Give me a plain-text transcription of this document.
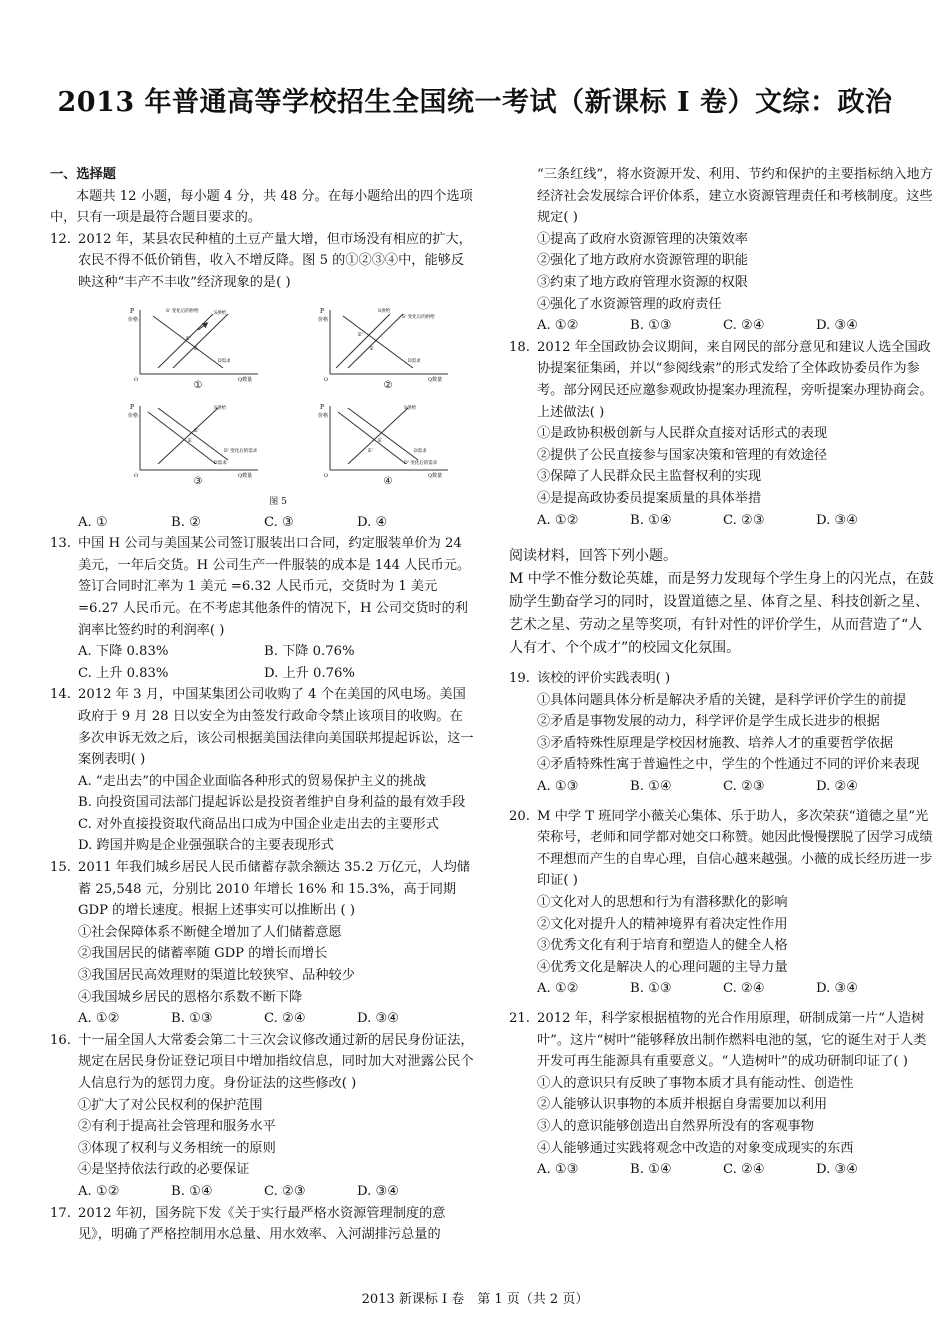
2013 年普通高等学校招生全国统一考试（新课标 I 卷）文综：政治
一、选择题
本题共 12 小题，每小题 4 分，共 48 分。在每小题给出的四个选项中，只有一项是最符合题目要求的。
12. 2012 年，某县农民种植的土豆产量大增，但市场没有相应的扩大，农民不得不低价销售，收入不增反降。图 5 的①②③④中，能够反映这种“丰产不丰收”经济现象的是( )
P
价格
Q数量
O
S供给
S' 变化后的供给
D需求
E
E'
①
P
价格
Q数量
O
S供给
S' 变化后的供给
D需求
E
E'
②
P
价格
Q数量
O
S供给
D' 变化后的需求
D需求
E
E'
③
P
价格
Q数量
O
S供给
D需求
D' 变化后的需求
E
E'
④
图 5
A. ①	B. ②	C. ③	D. ④
13. 中国 H 公司与美国某公司签订服装出口合同，约定服装单价为 24 美元，一年后交货。H 公司生产一件服装的成本是 144 人民币元。签订合同时汇率为 1 美元 =6.32 人民币元，交货时为 1 美元 =6.27 人民币元。在不考虑其他条件的情况下，H 公司交货时的利润率比签约时的利润率( )
A. 下降 0.83%	B. 下降 0.76%
C. 上升 0.83%	D. 上升 0.76%
14. 2012 年 3 月，中国某集团公司收购了 4 个在美国的风电场。美国政府于 9 月 28 日以安全为由签发行政命令禁止该项目的收购。在多次申诉无效之后，该公司根据美国法律向美国联邦提起诉讼，这一案例表明( )
A. “走出去”的中国企业面临各种形式的贸易保护主义的挑战
B. 向投资国司法部门提起诉讼是投资者维护自身利益的最有效手段
C. 对外直接投资取代商品出口成为中国企业走出去的主要形式
D. 跨国并购是企业强强联合的主要表现形式
15. 2011 年我们城乡居民人民币储蓄存款余额达 35.2 万亿元，人均储蓄 25,548 元，分别比 2010 年增长 16% 和 15.3%，高于同期 GDP 的增长速度。根据上述事实可以推断出 ( )
①社会保障体系不断健全增加了人们储蓄意愿
②我国居民的储蓄率随 GDP 的增长而增长
③我国居民高效理财的渠道比较狭窄、品种较少
④我国城乡居民的恩格尔系数不断下降
A. ①②	B. ①③	C. ②④	D. ③④
16. 十一届全国人大常委会第二十三次会议修改通过新的居民身份证法，规定在居民身份证登记项目中增加指纹信息，同时加大对泄露公民个人信息行为的惩罚力度。身份证法的这些修改( )
①扩大了对公民权利的保护范围
②有利于提高社会管理和服务水平
③体现了权利与义务相统一的原则
④是坚持依法行政的必要保证
A. ①②	B. ①④	C. ②③	D. ③④
17. 2012 年初，国务院下发《关于实行最严格水资源管理制度的意见》，明确了严格控制用水总量、用水效率、入河湖排污总量的
“三条红线”，将水资源开发、利用、节约和保护的主要指标纳入地方经济社会发展综合评价体系，建立水资源管理责任和考核制度。这些规定( )
①提高了政府水资源管理的决策效率
②强化了地方政府水资源管理的职能
③约束了地方政府管理水资源的权限
④强化了水资源管理的政府责任
A. ①②	B. ①③	C. ②④	D. ③④
18. 2012 年全国政协会议期间，来自网民的部分意见和建议人选全国政协提案征集函，并以“参阅线索”的形式发给了全体政协委员作为参考。部分网民还应邀参观政协提案办理流程，旁听提案办理协商会。上述做法( )
①是政协积极创新与人民群众直接对话形式的表现
②提供了公民直接参与国家决策和管理的有效途径
③保障了人民群众民主监督权利的实现
④是提高政协委员提案质量的具体举措
A. ①②	B. ①④	C. ②③	D. ③④
阅读材料，回答下列小题。
M 中学不惟分数论英雄，而是努力发现每个学生身上的闪光点，在鼓励学生勤奋学习的同时，设置道德之星、体育之星、科技创新之星、艺术之星、劳动之星等奖项，有针对性的评价学生，从而营造了“人人有才、个个成才”的校园文化氛围。
19. 该校的评价实践表明( )
①具体问题具体分析是解决矛盾的关键，是科学评价学生的前提
②矛盾是事物发展的动力，科学评价是学生成长进步的根据
③矛盾特殊性原理是学校因材施教、培养人才的重要哲学依据
④矛盾特殊性寓于普遍性之中，学生的个性通过不同的评价来表现
A. ①③	B. ①④	C. ②③	D. ②④
20. M 中学 T 班同学小薇关心集体、乐于助人，多次荣获“道德之星”光荣称号，老师和同学都对她交口称赞。她因此慢慢摆脱了因学习成绩不理想而产生的自卑心理，自信心越来越强。小薇的成长经历进一步印证( )
①文化对人的思想和行为有潜移默化的影响
②文化对提升人的精神境界有着决定性作用
③优秀文化有利于培育和塑造人的健全人格
④优秀文化是解决人的心理问题的主导力量
A. ①②	B. ①③	C. ②④	D. ③④
21. 2012 年，科学家根据植物的光合作用原理，研制成第一片“人造树叶”。这片“树叶”能够释放出制作燃料电池的氢，它的诞生对于人类开发可再生能源具有重要意义。“人造树叶”的成功研制印证了( )
①人的意识只有反映了事物本质才具有能动性、创造性
②人能够认识事物的本质并根据自身需要加以利用
③人的意识能够创造出自然界所没有的客观事物
④人能够通过实践将观念中改造的对象变成现实的东西
A. ①③	B. ①④	C. ②④	D. ③④
2013 新课标 I 卷　第 1 页（共 2 页）
